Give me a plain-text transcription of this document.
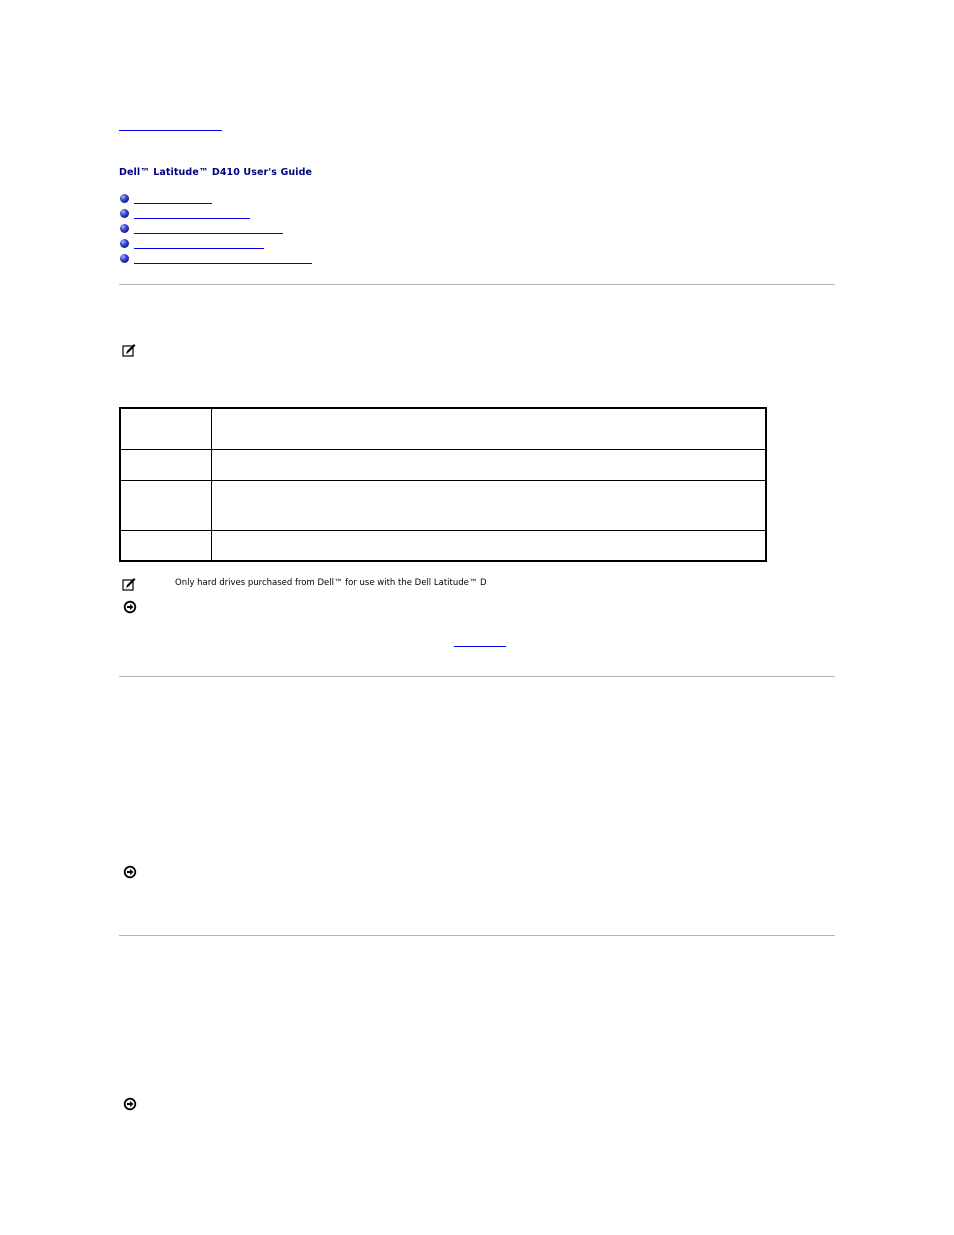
Dell™ Latitude™ D410 User's Guide

Only hard drives purchased from Dell™ for use with the Dell Latitude™ D
